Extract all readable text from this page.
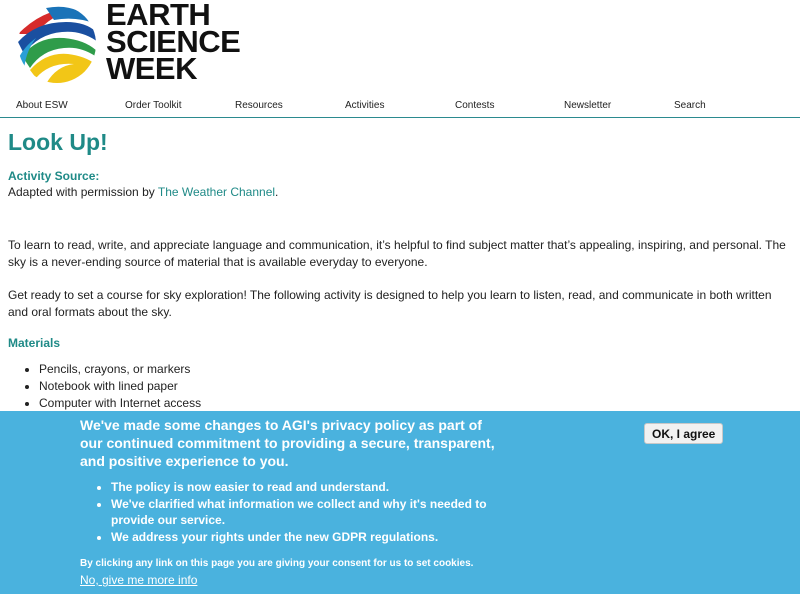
EARTH
SCIENCE
WEEK
About ESW	Order Toolkit	Resources	Activities	Contests	Newsletter	Search
Look Up!
Activity Source:

Adapted with permission by The Weather Channel.

To learn to read, write, and appreciate language and communication, it’s helpful to find subject matter that’s appealing, inspiring, and personal. The sky is a never-ending source of material that is available everyday to everyone.

Get ready to set a course for sky exploration! The following activity is designed to help you learn to listen, read, and communicate in both written and oral formats about the sky.

Materials
• Pencils, crayons, or markers
• Notebook with lined paper
• Computer with Internet access
We've made some changes to AGI's privacy policy as part of our continued commitment to providing a secure, transparent, and positive experience to you.
• The policy is now easier to read and understand.
• We've clarified what information we collect and why it's needed to provide our service.
• We address your rights under the new GDPR regulations.
By clicking any link on this page you are giving your consent for us to set cookies.
No, give me more info
OK, I agree
